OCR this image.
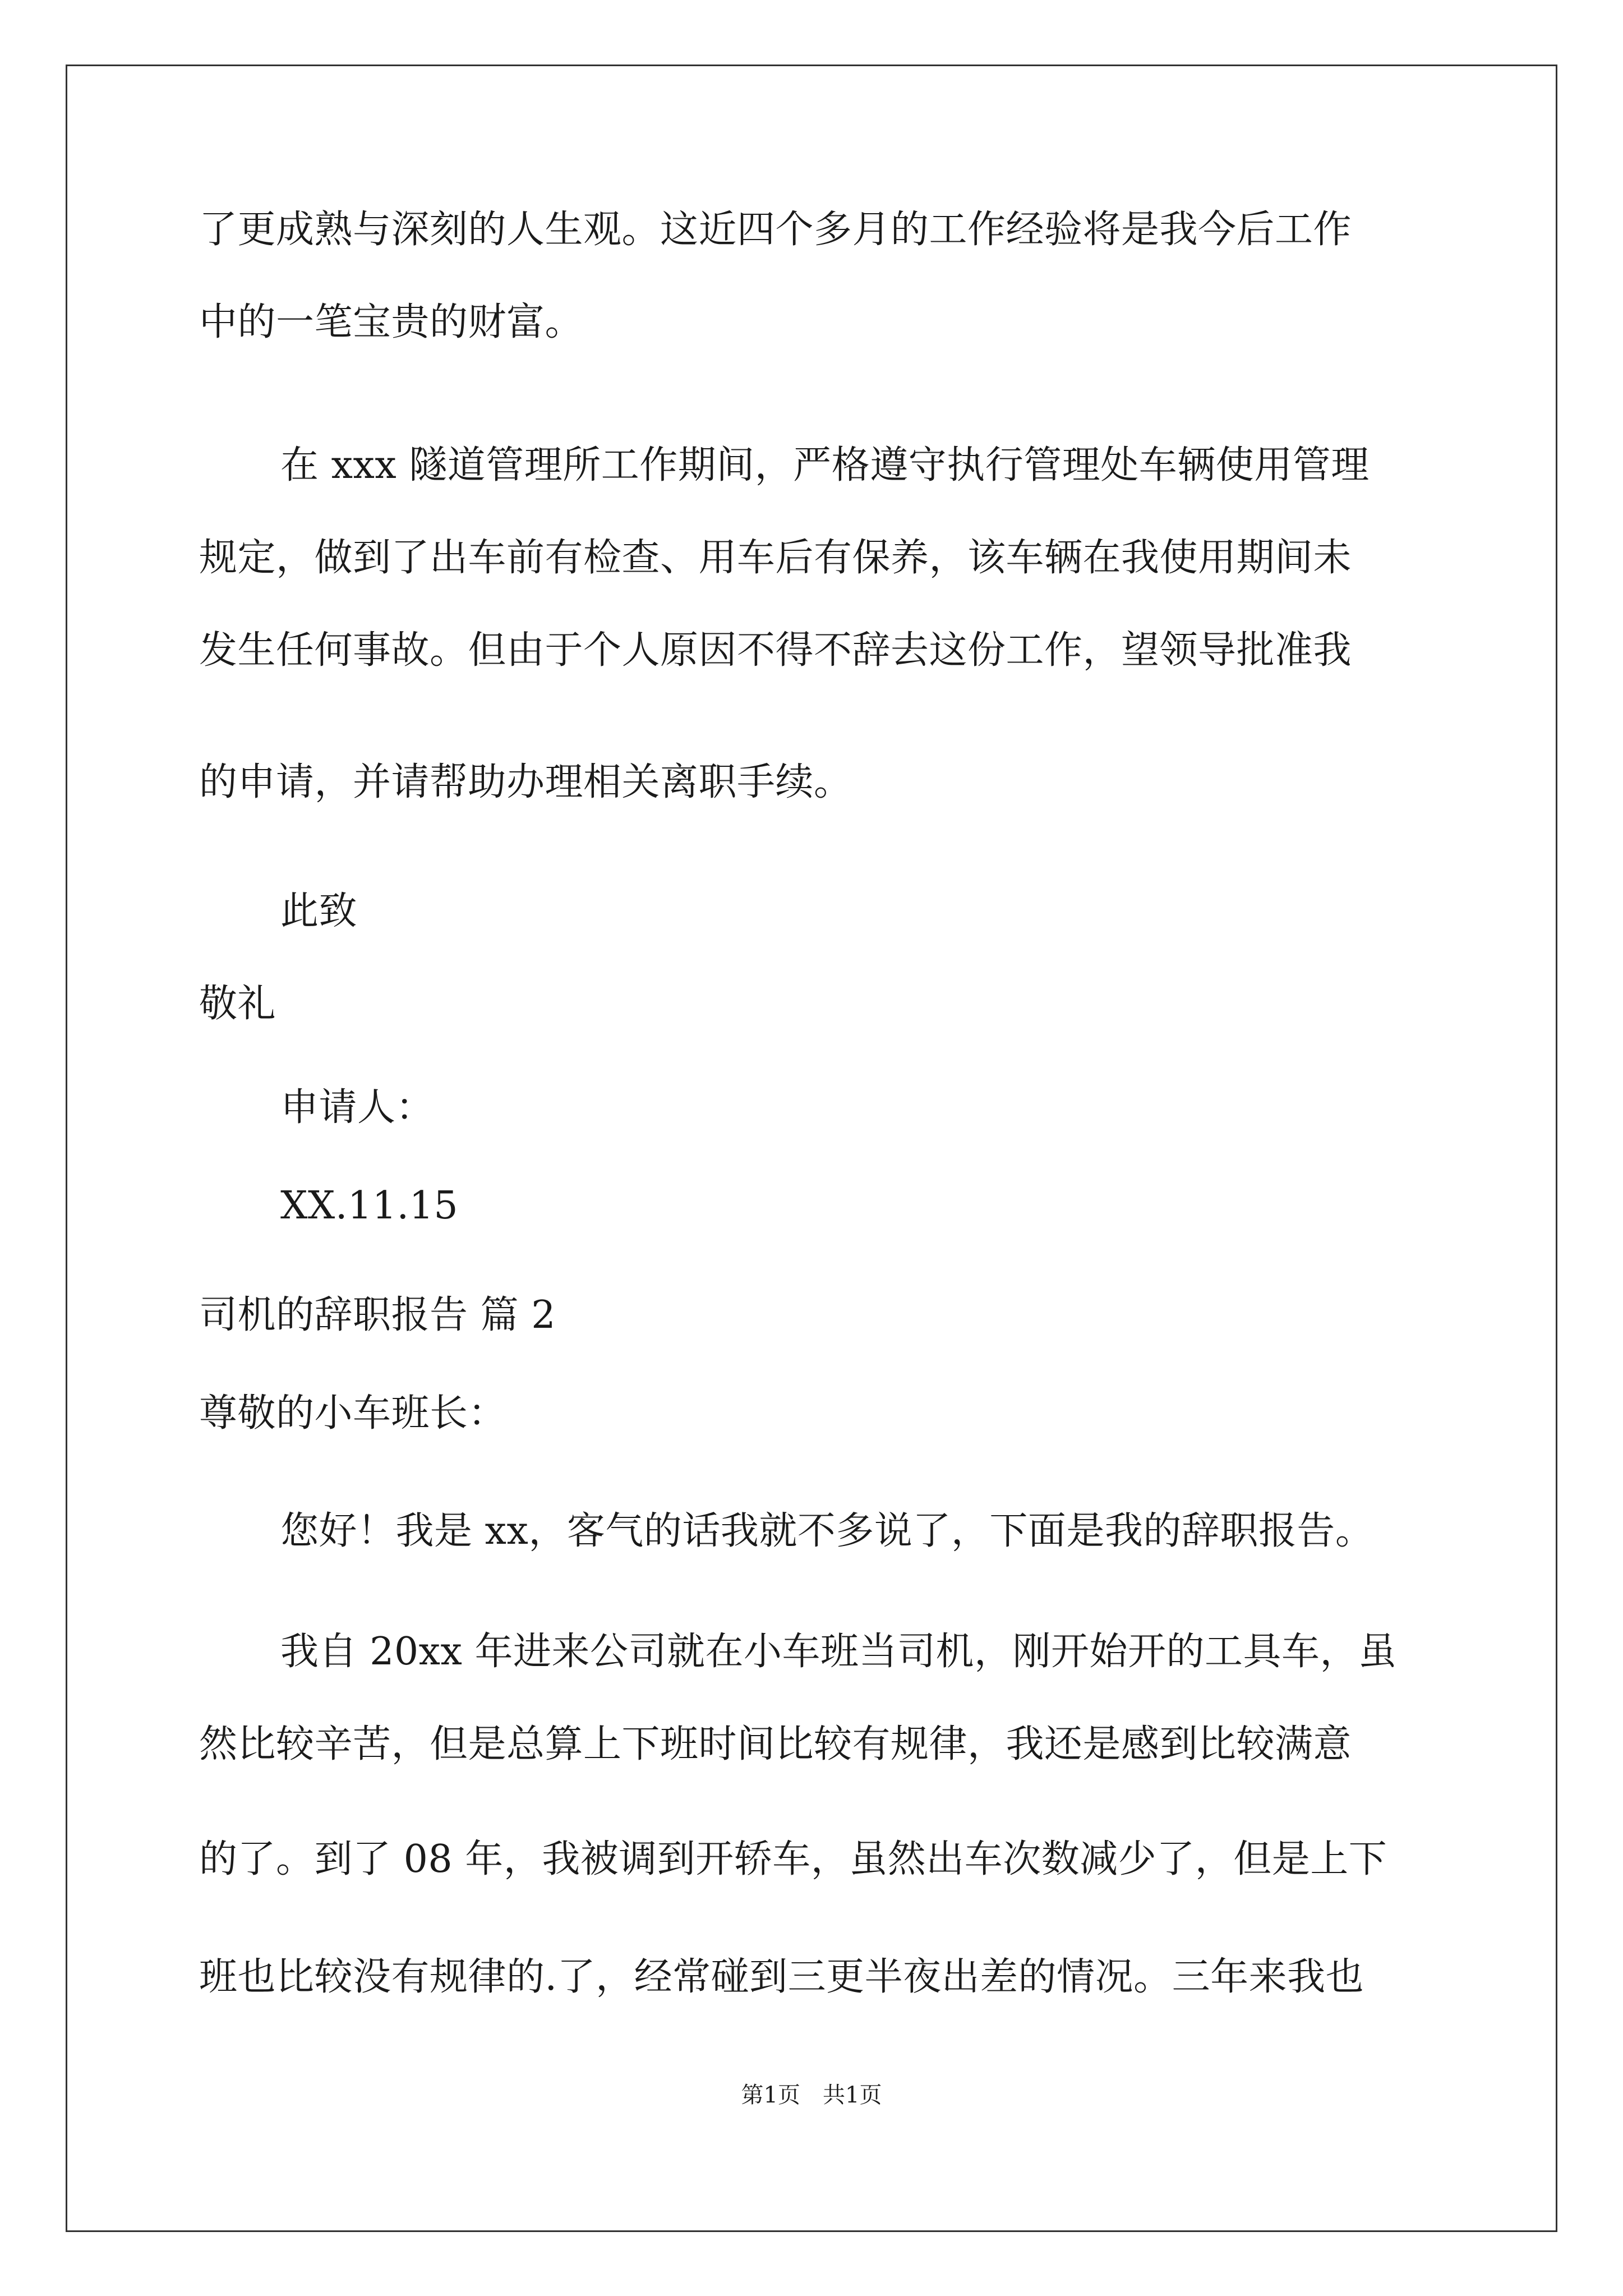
了更成熟与深刻的人生观。这近四个多月的工作经验将是我今后工作
中的一笔宝贵的财富。
在 xxx 隧道管理所工作期间，严格遵守执行管理处车辆使用管理
规定，做到了出车前有检查、用车后有保养，该车辆在我使用期间未
发生任何事故。但由于个人原因不得不辞去这份工作，望领导批准我
的申请，并请帮助办理相关离职手续。
此致
敬礼
申请人：
XX.11.15
司机的辞职报告 篇 2
尊敬的小车班长：
您好！我是 xx，客气的话我就不多说了，下面是我的辞职报告。
我自 20xx 年进来公司就在小车班当司机，刚开始开的工具车，虽
然比较辛苦，但是总算上下班时间比较有规律，我还是感到比较满意
的了。到了 08 年，我被调到开轿车，虽然出车次数减少了，但是上下
班也比较没有规律的.了，经常碰到三更半夜出差的情况。三年来我也
第1页　共1页
